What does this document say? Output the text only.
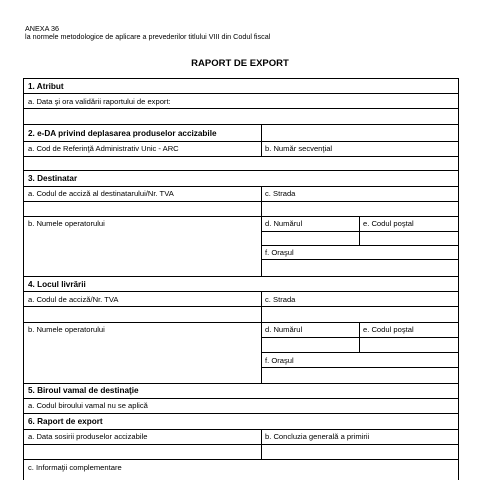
ANEXA 36
la normele metodologice de aplicare a prevederilor titlului VIII din Codul fiscal
RAPORT DE EXPORT
1. Atribut
a. Data şi ora validării raportului de export:
2. e-DA privind deplasarea produselor accizabile
a. Cod de Referinţă Administrativ Unic - ARC	b. Număr secvenţial
3. Destinatar
a. Codul de acciză al destinatarului/Nr. TVA	c. Strada
b. Numele operatorului	d. Numărul	e. Codul poştal
f. Oraşul
4. Locul livrării
a. Codul de acciză/Nr. TVA	c. Strada
b. Numele operatorului	d. Numărul	e. Codul poştal
f. Oraşul
5. Biroul vamal de destinaţie
a. Codul biroului vamal nu se aplică
6. Raport de export
a. Data sosirii produselor accizabile	b. Concluzia generală a primirii
c. Informaţii complementare
